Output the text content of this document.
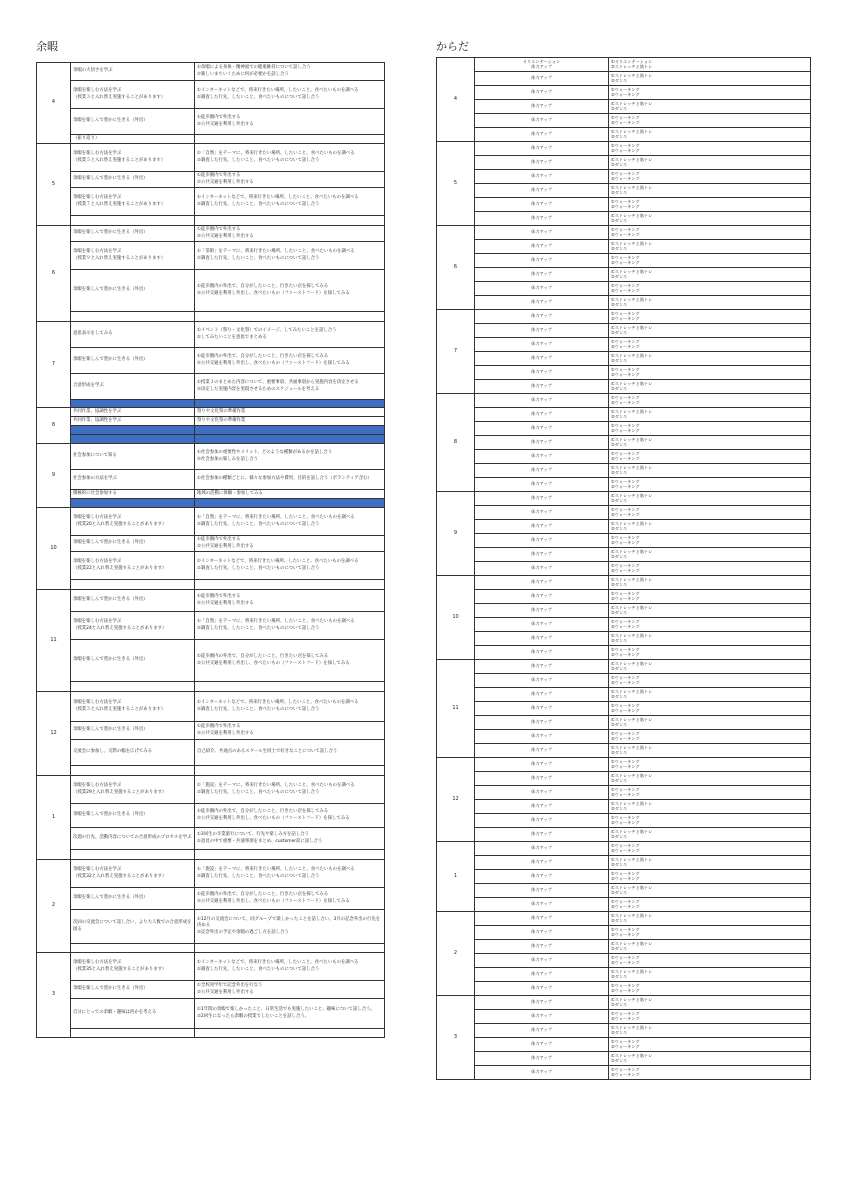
余暇	からだ
4	余暇の大切さを学ぶ	①余暇による身体・精神面での健康維持について話し合う
②楽しいまちいくために何が必要かを話し合う
	余暇を楽しむ方法を学ぶ
（授業３と入れ替え実施することがあります）	①インターネットなどで、将来行きたい場所、したいこと、食べたいものを調べる
②調査した行先、したいこと、食べたいものについて話し合う
	余暇を楽しんで豊かに生きる（外出）	①徒歩圏内で外出する
②公共交通を利用し外出する
	（振り返り）	
5	余暇を楽しむ方法を学ぶ
（授業５と入れ替え実施することがあります）	①「自然」をテーマに、将来行きたい場所、したいこと、食べたいものを調べる
②調査した行先、したいこと、食べたいものについて話し合う
	余暇を楽しんで豊かに生きる（外出）	①徒歩圏内で外出する
②公共交通を利用し外出する
	余暇を楽しむ方法を学ぶ
（授業７と入れ替え実施することがあります）	①インターネットなどで、将来行きたい場所、したいこと、食べたいものを調べる
②調査した行先、したいこと、食べたいものについて話し合う

6	余暇を楽しんで豊かに生きる（外出）	①徒歩圏内で外出する
②公共交通を利用し外出する
	余暇を楽しむ方法を学ぶ
（授業９と入れ替え実施することがあります）	①「茶街」をテーマに、将来行きたい場所、したいこと、食べたいものを調べる
②調査した行先、したいこと、食べたいものについて話し合う
	余暇を楽しんで豊かに生きる（外出）	①徒歩圏内の外出で、自分がしたいこと、行きたい店を探してみる
②公共交通を利用し外出し、食べたいもの（ファーストフード）を探してみる

7	意思表示をしてみる	①イベント（祭り・文化祭）でのイメージ、してみたいことを話し合う
②してみたいことを意思でまとめる
	余暇を楽しんで豊かに生きる（外出）	①徒歩圏内の外出で、自分がしたいこと、行きたい店を探してみる
②公共交通を利用し外出し、食べたいもの（ファーストフード）を探してみる
	合意形成を学ぶ	①授業３のまとめた内容について、重要事項、共通事項から実施内容を決定させる
②決定した実施内容を実現させるためのスケジュールを考える

8	共同作業、協調性を学ぶ	祭りや文化祭の準備作業
	共同作業、協調性を学ぶ	祭りや文化祭の準備作業

9	社会参加について知る	①社会参加の重要性やメリット、どのような種類があるかを話し合う
②社会参加の楽しみを話し合う
	社会参加の方法を学ぶ	①社会参加の種類ごとに、様々な参加方法や費用、目的を話し合う（ボランティア含む）
	積極的に社会参加する	地域の活動に体験・参加してみる

10	余暇を楽しむ方法を学ぶ
（授業20と入れ替え実施することがあります）	①「自然」をテーマに、将来行きたい場所、したいこと、食べたいものを調べる
②調査した行先、したいこと、食べたいものについて話し合う
	余暇を楽しんで豊かに生きる（外出）	①徒歩圏内で外出する
②公共交通を利用し外出する
	余暇を楽しむ方法を学ぶ
（授業22と入れ替え実施することがあります）	①インターネットなどで、将来行きたい場所、したいこと、食べたいものを調べる
②調査した行先、したいこと、食べたいものについて話し合う

11	余暇を楽しんで豊かに生きる（外出）	①徒歩圏内で外出する
②公共交通を利用し外出する
	余暇を楽しむ方法を学ぶ
（授業24と入れ替え実施することがあります）	①「自然」をテーマに、将来行きたい場所、したいこと、食べたいものを調べる
②調査した行先、したいこと、食べたいものについて話し合う
	余暇を楽しんで豊かに生きる（外出）	①徒歩圏内の外出で、自分がしたいこと、行きたい店を探してみる
②公共交通を利用し外出し、食べたいもの（ファーストフード）を探してみる

12	余暇を楽しむ方法を学ぶ
（授業３と入れ替え実施することがあります）	①インターネットなどで、将来行きたい場所、したいこと、食べたいものを調べる
②調査した行先、したいこと、食べたいものについて話し合う
	余暇を楽しんで豊かに生きる（外出）	①徒歩圏内で外出する
②公共交通を利用し外出する
	交流会に参加し、交際の幅を広げてみる	自己紹介、共通点のあるスクール生同士で好きなことについて話し合う

1	余暇を楽しむ方法を学ぶ
（授業29と入れ替え実施することがあります）	①「施設」をテーマに、将来行きたい場所、したいこと、食べたいものを調べる
②調査した行先、したいこと、食べたいものについて話し合う
	余暇を楽しんで豊かに生きる（外出）	①徒歩圏内の外出で、自分がしたいこと、行きたい店を探してみる
②公共交通を利用し外出し、食べたいもの（ファーストフード）を探してみる
	次週の行先、活動内容についての合意形成のプロセスを学ぶ	①3回生の卒業旅行について、行先や楽しみ方を話し合う
②意見の中で重要・共通事項をまとめ、customer前に話し合う

2	余暇を楽しむ方法を学ぶ
（授業32と入れ替え実施することがあります）	①「施設」をテーマに、将来行きたい場所、したいこと、食べたいものを調べる
②調査した行先、したいこと、食べたいものについて話し合う
	余暇を楽しんで豊かに生きる（外出）	①徒歩圏内の外出で、自分がしたいこと、行きたい店を探してみる
②公共交通を利用し外出し、食べたいもの（ファーストフード）を探してみる
	次回の交流会について話し合い、より大人数での合意形成を図る	①12月の交流会について、同グループで楽しかったことを話し合い、3月の記念外出の行先を決める
②記念外出の予定や余暇の過ごし方を話し合う

3	余暇を楽しむ方法を学ぶ
（授業35と入れ替え実施することがあります）	①インターネットなどで、将来行きたい場所、したいこと、食べたいものを調べる
②調査した行先、したいこと、食べたいものについて話し合う
	余暇を楽しんで豊かに生きる（外出）	①全校同学年で記念外出を行なう
②公共交通を利用し外出する
	自分にとっての余暇・趣味は何かを考える	①1年間の余暇で楽しかったこと、日常生活でも実施したいこと、趣味について話し合う。
②2回生になったら余暇の授業でしたいことを話し合う。

4	オリエンテーション
体力アップ	①オリエンテーション
②ストレッチと筋トレ
	体力アップ	①ストレッチと筋トレ
②ダンス
	体力アップ	①ウォーキング
②ウォーキング
	体力アップ	①ストレッチと筋トレ
②ダンス
	体力アップ	①ウォーキング
②ウォーキング
	体力アップ	①ストレッチと筋トレ
②ダンス
5	体力アップ	①ウォーキング
②ウォーキング
	体力アップ	①ストレッチと筋トレ
②ダンス
	体力アップ	①ウォーキング
②ウォーキング
	体力アップ	①ストレッチと筋トレ
②ダンス
	体力アップ	①ウォーキング
②ウォーキング
	体力アップ	①ストレッチと筋トレ
②ダンス
6	体力アップ	①ウォーキング
②ウォーキング
	体力アップ	①ストレッチと筋トレ
②ダンス
	体力アップ	①ウォーキング
②ウォーキング
	体力アップ	①ストレッチと筋トレ
②ダンス
	体力アップ	①ウォーキング
②ウォーキング
	体力アップ	①ストレッチと筋トレ
②ダンス
7	体力アップ	①ウォーキング
②ウォーキング
	体力アップ	①ストレッチと筋トレ
②ダンス
	体力アップ	①ウォーキング
②ウォーキング
	体力アップ	①ストレッチと筋トレ
②ダンス
	体力アップ	①ウォーキング
②ウォーキング
	体力アップ	①ストレッチと筋トレ
②ダンス
8	体力アップ	①ウォーキング
②ウォーキング
	体力アップ	①ストレッチと筋トレ
②ダンス
	体力アップ	①ウォーキング
②ウォーキング
	体力アップ	①ストレッチと筋トレ
②ダンス
	体力アップ	①ウォーキング
②ウォーキング
	体力アップ	①ストレッチと筋トレ
②ダンス
	体力アップ	①ウォーキング
②ウォーキング
9	体力アップ	①ストレッチと筋トレ
②ダンス
	体力アップ	①ウォーキング
②ウォーキング
	体力アップ	①ストレッチと筋トレ
②ダンス
	体力アップ	①ウォーキング
②ウォーキング
	体力アップ	①ストレッチと筋トレ
②ダンス
	体力アップ	①ウォーキング
②ウォーキング
10	体力アップ	①ストレッチと筋トレ
②ダンス
	体力アップ	①ウォーキング
②ウォーキング
	体力アップ	①ストレッチと筋トレ
②ダンス
	体力アップ	①ウォーキング
②ウォーキング
	体力アップ	①ストレッチと筋トレ
②ダンス
	体力アップ	①ウォーキング
②ウォーキング
11	体力アップ	①ストレッチと筋トレ
②ダンス
	体力アップ	①ウォーキング
②ウォーキング
	体力アップ	①ストレッチと筋トレ
②ダンス
	体力アップ	①ウォーキング
②ウォーキング
	体力アップ	①ストレッチと筋トレ
②ダンス
	体力アップ	①ウォーキング
②ウォーキング
	体力アップ	①ストレッチと筋トレ
②ダンス
12	体力アップ	①ウォーキング
②ウォーキング
	体力アップ	①ストレッチと筋トレ
②ダンス
	体力アップ	①ウォーキング
②ウォーキング
	体力アップ	①ストレッチと筋トレ
②ダンス
	体力アップ	①ウォーキング
②ウォーキング
	体力アップ	①ストレッチと筋トレ
②ダンス
1	体力アップ	①ウォーキング
②ウォーキング
	体力アップ	①ストレッチと筋トレ
②ダンス
	体力アップ	①ウォーキング
②ウォーキング
	体力アップ	①ストレッチと筋トレ
②ダンス
	体力アップ	①ウォーキング
②ウォーキング
2	体力アップ	①ストレッチと筋トレ
②ダンス
	体力アップ	①ウォーキング
②ウォーキング
	体力アップ	①ストレッチと筋トレ
②ダンス
	体力アップ	①ウォーキング
②ウォーキング
	体力アップ	①ストレッチと筋トレ
②ダンス
	体力アップ	①ウォーキング
②ウォーキング
3	体力アップ	①ストレッチと筋トレ
②ダンス
	体力アップ	①ウォーキング
②ウォーキング
	体力アップ	①ストレッチと筋トレ
②ダンス
	体力アップ	①ウォーキング
②ウォーキング
	体力アップ	①ストレッチと筋トレ
②ダンス
	体力アップ	①ウォーキング
②ウォーキング
